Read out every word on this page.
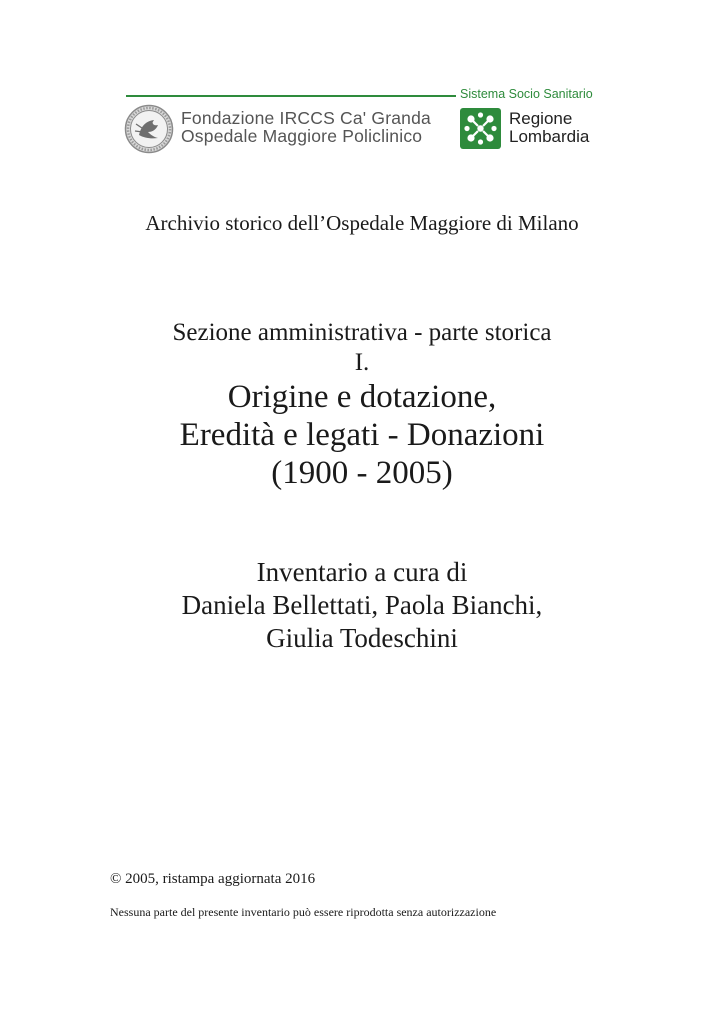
Sistema Socio Sanitario
Fondazione IRCCS Ca' Granda
Ospedale Maggiore Policlinico
Regione
Lombardia
Archivio storico dell’Ospedale Maggiore di Milano
Sezione amministrativa - parte storica
I.
Origine e dotazione,
Eredità e legati - Donazioni
(1900 - 2005)
Inventario a cura di
Daniela Bellettati, Paola Bianchi,
Giulia Todeschini
© 2005, ristampa aggiornata 2016
Nessuna parte del presente inventario può essere riprodotta senza autorizzazione
